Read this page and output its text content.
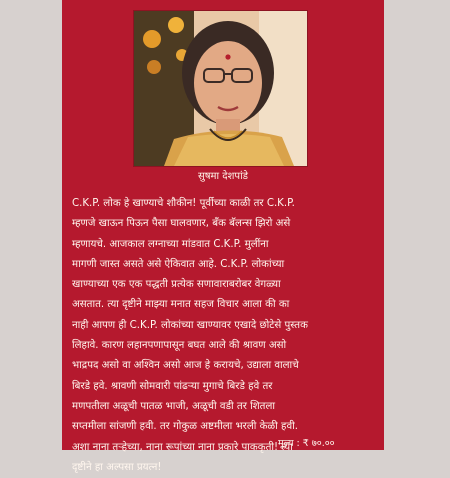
सुषमा देशपांडे

C.K.P. लोक हे खाण्याचे शौकीन! पूर्वीच्या काळी तर C.K.P.

म्हणजे खाऊन पिऊन पैसा घालवणार, बँक बॅलन्स झिरो असे

म्हणायचे. आजकाल लग्नाच्या मांडवात C.K.P. मुलींना

मागणी जास्त असते असे ऐकिवात आहे. C.K.P. लोकांच्या

खाण्याच्या एक एक पद्धती प्रत्येक सणावाराबरोबर वेगळ्या

असतात. त्या दृष्टीने माझ्या मनात सहज विचार आला की का

नाही आपण ही C.K.P. लोकांच्या खाण्यावर एखादे छोटेसे पुस्तक

लिहावे. कारण लहानपणापासून बघत आले की श्रावण असो

भाद्रपद असो वा अश्विन असो आज हे करायचे, उद्याला वालाचे

बिरडे हवे. श्रावणी सोमवारी पांढऱ्या मुगाचे बिरडे हवे तर

मणपतीला अळूची पातळ भाजी, अळूची वडी तर शितला

सप्तमीला सांजणी हवी. तर गोकुळ अष्टमीला भरली केळी हवी.

अशा नाना तऱ्हेच्या, नाना रूपांच्या नाना प्रकारे पाककृती! त्या

दृष्टीने हा अल्पसा प्रयत्न!

मूल्य : ₹ ७०.००
